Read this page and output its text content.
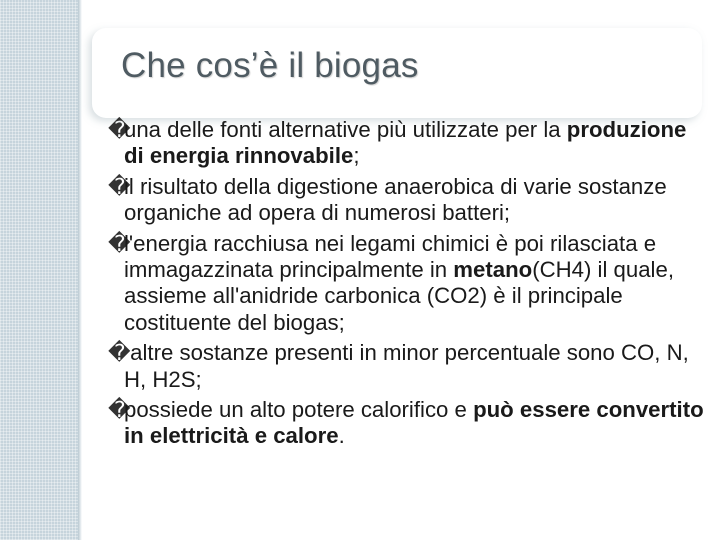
Che cos’è il biogas
�una delle fonti alternative più utilizzate per la produzione di energia rinnovabile;
�il risultato della digestione anaerobica di varie sostanze organiche ad opera di numerosi batteri;
�l'energia racchiusa nei legami chimici è poi rilasciata e immagazzinata principalmente in metano(CH4) il quale, assieme all'anidride carbonica (CO2) è il principale costituente del biogas;
� altre sostanze presenti in minor percentuale sono CO, N, H, H2S;
�possiede un alto potere calorifico e può essere convertito in elettricità e calore.
